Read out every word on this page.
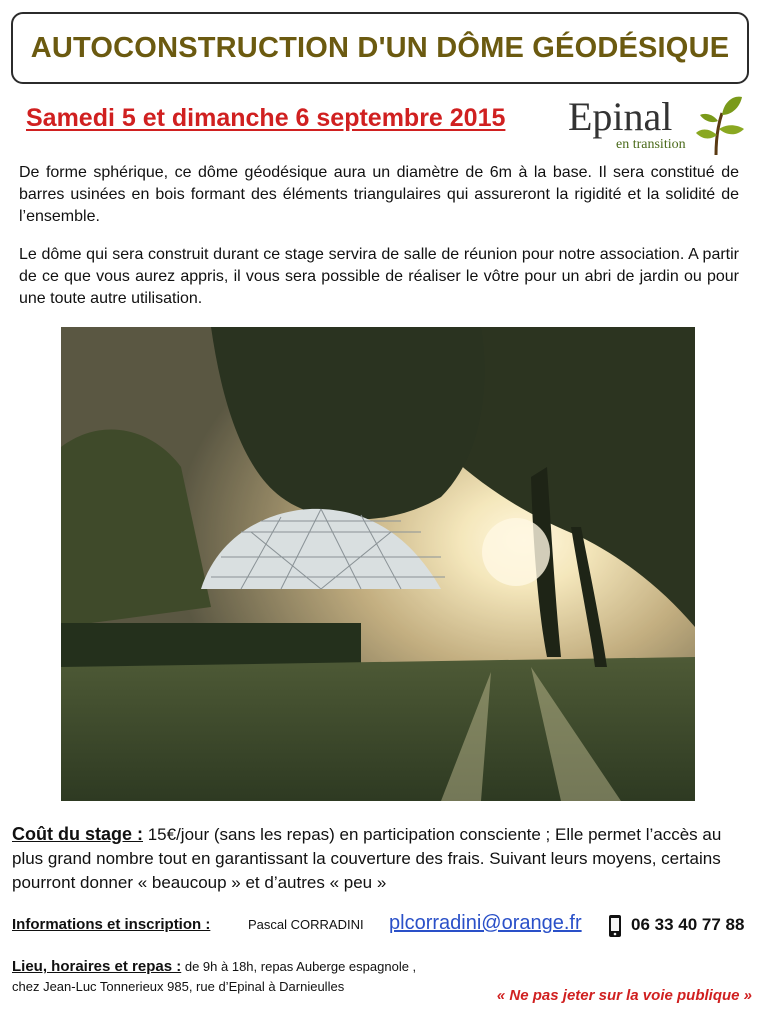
AUTOCONSTRUCTION D'UN DÔME GÉODÉSIQUE
Samedi 5 et dimanche 6 septembre 2015 Epinal
en transition

De forme sphérique, ce dôme géodésique aura un diamètre de 6m à la base. Il sera constitué de barres usinées en bois formant des éléments triangulaires qui assureront la rigidité et la solidité de l’ensemble.

Le dôme qui sera construit durant ce stage servira de salle de réunion pour notre association. A partir de ce que vous aurez appris, il vous sera possible de réaliser le vôtre pour un abri de jardin ou pour une toute autre utilisation.

Coût du stage : 15€/jour (sans les repas) en participation consciente ; Elle permet l’accès au plus grand nombre tout en garantissant la couverture des frais. Suivant leurs moyens, certains pourront donner « beaucoup » et d’autres « peu »

Informations et inscription :	Pascal CORRADINI plcorradini@orange.fr	06 33 40 77 88
Lieu, horaires et repas : de 9h à 18h, repas Auberge espagnole ,
chez Jean-Luc Tonnerieux 985, rue d’Epinal à Darnieulles
« Ne pas jeter sur la voie publique »
